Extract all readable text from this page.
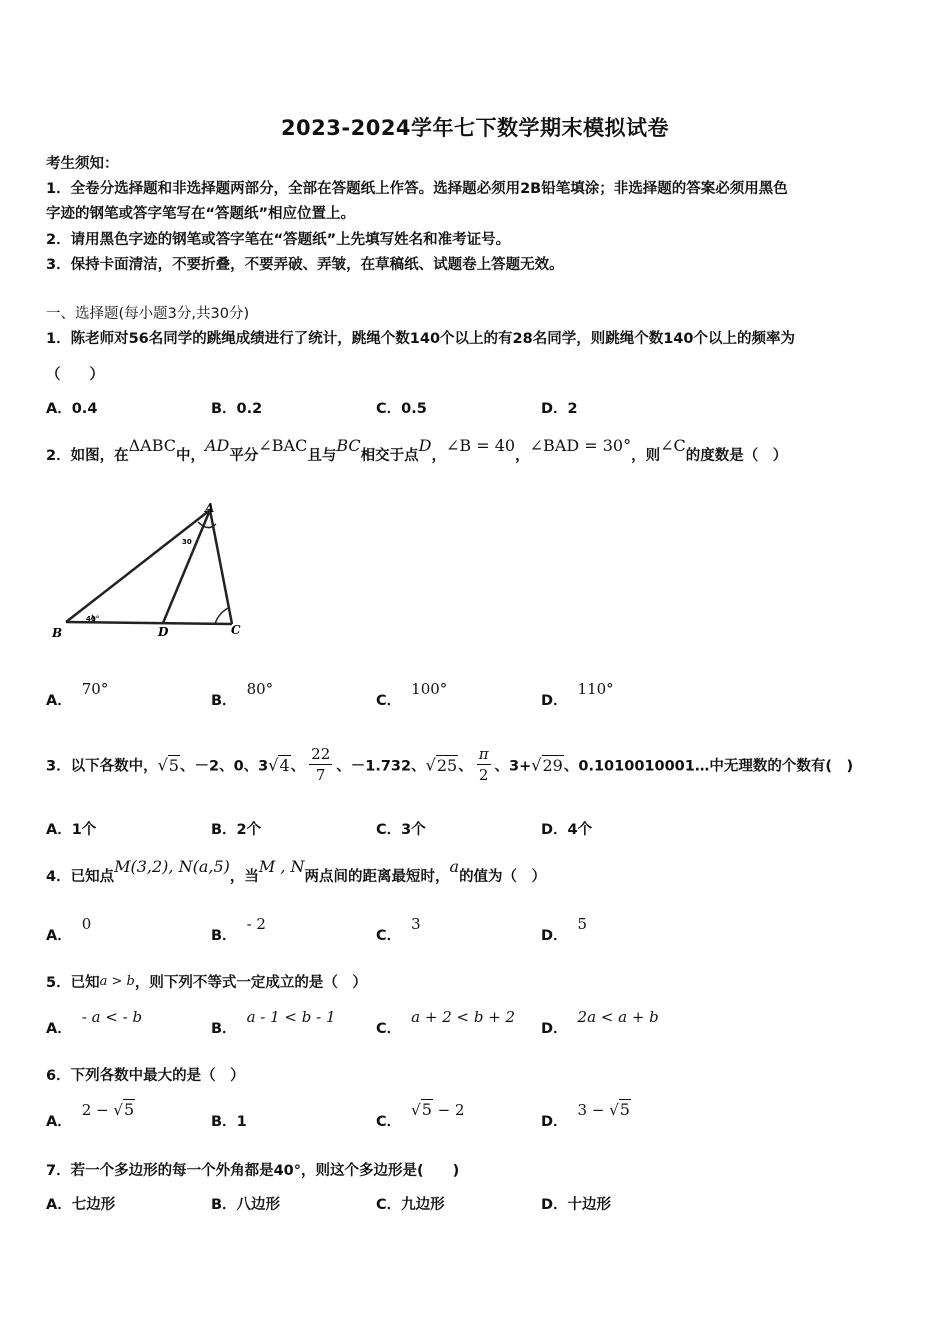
2023-2024学年七下数学期末模拟试卷
考生须知：
1．全卷分选择题和非选择题两部分，全部在答题纸上作答。选择题必须用2B铅笔填涂；非选择题的答案必须用黑色
字迹的钢笔或答字笔写在“答题纸”相应位置上。
2．请用黑色字迹的钢笔或答字笔在“答题纸”上先填写姓名和准考证号。
3．保持卡面清洁，不要折叠，不要弄破、弄皱，在草稿纸、试题卷上答题无效。
一、选择题(每小题3分,共30分)
1．陈老师对56名同学的跳绳成绩进行了统计，跳绳个数140个以上的有28名同学，则跳绳个数140个以上的频率为
（　　）
A．0.4	B．0.2	C．0.5	D．2
2．如图，在ΔABC中，AD平分∠BAC且与BC相交于点D，∠B = 40，∠BAD = 30°，则∠C的度数是（　）
A
B	C
D
40°
30
A．70°
B．80°
C．100°
D．110°
3．以下各数中，√5、－2、0、3√4、 $\frac{22}{7}$ 、－1.732、√25、 $\frac{\pi}{2}$ 、3+√29、0.1010010001…中无理数的个数有(　)
A．1个	B．2个	C．3个	D．4个
4．已知点M(3,2), N(a,5)，当M , N两点间的距离最短时，a的值为（　）
A．0
B．- 2
C．3
D．5
5．已知a > b，则下列不等式一定成立的是（　）
A．- a < - b
B．a - 1 < b - 1
C．a + 2 < b + 2
D．2a < a + b
6．下列各数中最大的是（　）
A．2 − √5
B．1	C．√5 − 2
D．3 − √5
7．若一个多边形的每一个外角都是40°，则这个多边形是(　　)
A．七边形	B．八边形	C．九边形	D．十边形
